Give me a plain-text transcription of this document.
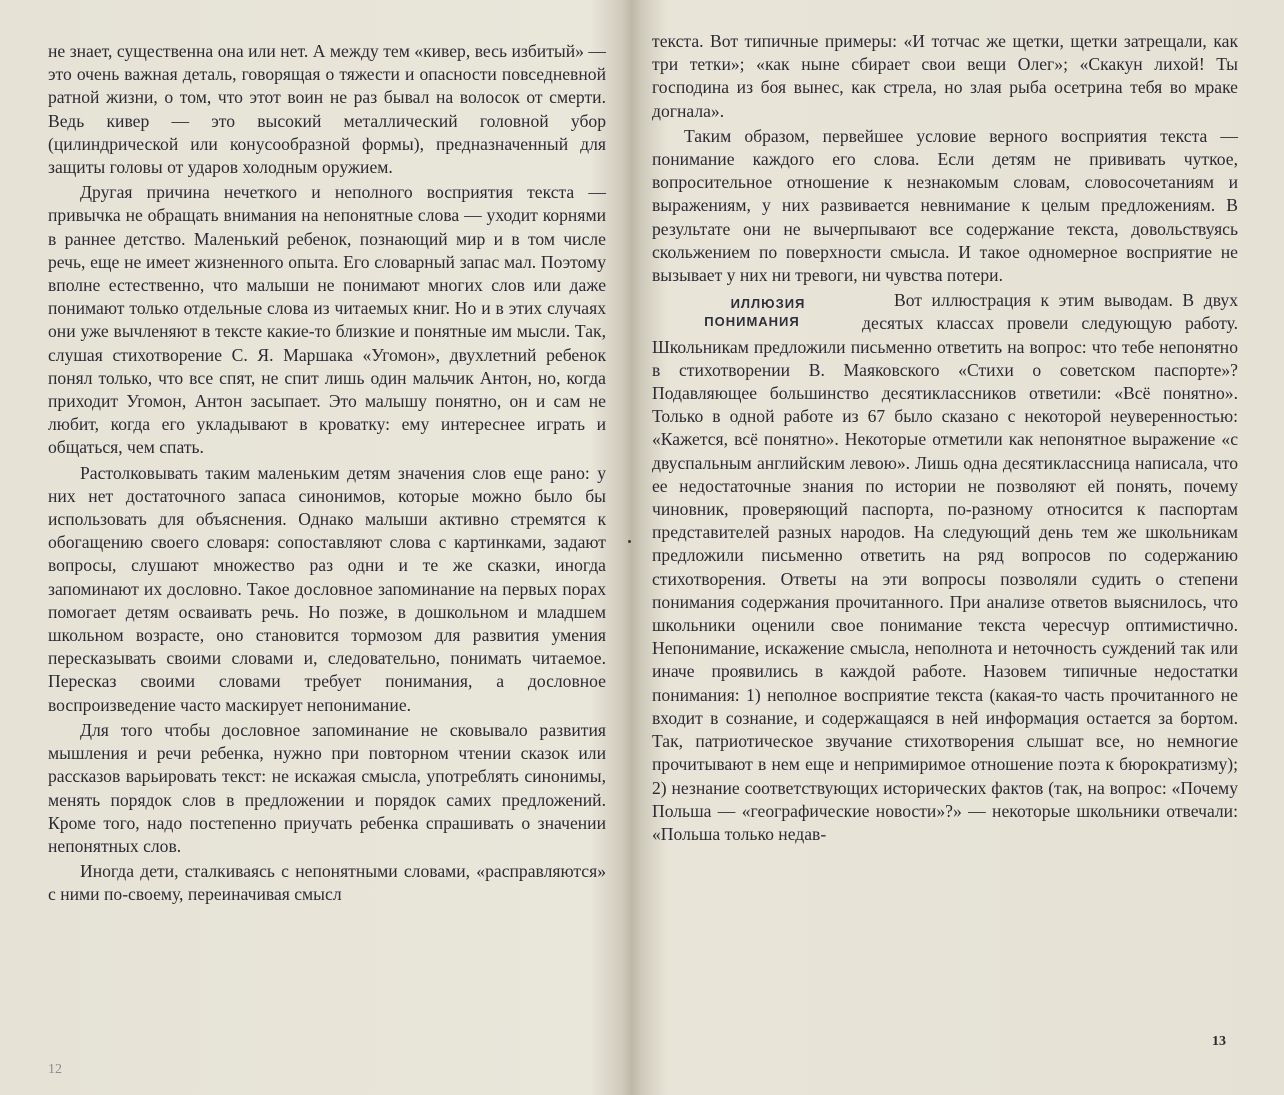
не знает, существенна она или нет. А между тем «кивер, весь избитый» — это очень важная деталь, говорящая о тяжести и опасности повседневной ратной жизни, о том, что этот воин не раз бывал на волосок от смерти. Ведь кивер — это высокий металлический головной убор (цилиндрической или конусообразной формы), предназначенный для защиты головы от ударов холодным оружием.

Другая причина нечеткого и неполного восприятия текста — привычка не обращать внимания на непонятные слова — уходит корнями в раннее детство. Маленький ребенок, познающий мир и в том числе речь, еще не имеет жизненного опыта. Его словарный запас мал. Поэтому вполне естественно, что малыши не понимают многих слов или даже понимают только отдельные слова из читаемых книг. Но и в этих случаях они уже вычленяют в тексте какие-то близкие и понятные им мысли. Так, слушая стихотворение С. Я. Маршака «Угомон», двухлетний ребенок понял только, что все спят, не спит лишь один мальчик Антон, но, когда приходит Угомон, Антон засыпает. Это малышу понятно, он и сам не любит, когда его укладывают в кроватку: ему интереснее играть и общаться, чем спать.

Растолковывать таким маленьким детям значения слов еще рано: у них нет достаточного запаса синонимов, которые можно было бы использовать для объяснения. Однако малыши активно стремятся к обогащению своего словаря: сопоставляют слова с картинками, задают вопросы, слушают множество раз одни и те же сказки, иногда запоминают их дословно. Такое дословное запоминание на первых порах помогает детям осваивать речь. Но позже, в дошкольном и младшем школьном возрасте, оно становится тормозом для развития умения пересказывать своими словами и, следовательно, понимать читаемое. Пересказ своими словами требует понимания, а дословное воспроизведение часто маскирует непонимание.

Для того чтобы дословное запоминание не сковывало развития мышления и речи ребенка, нужно при повторном чтении сказок или рассказов варьировать текст: не искажая смысла, употреблять синонимы, менять порядок слов в предложении и порядок самих предложений. Кроме того, надо постепенно приучать ребенка спрашивать о значении непонятных слов.

Иногда дети, сталкиваясь с непонятными словами, «расправляются» с ними по-своему, переиначивая смысл

12

текста. Вот типичные примеры: «И тотчас же щетки, щетки затрещали, как три тетки»; «как ныне сбирает свои вещи Олег»; «Скакун лихой! Ты господина из боя вынес, как стрела, но злая рыба осетрина тебя во мраке догнала».

Таким образом, первейшее условие верного восприятия текста — понимание каждого его слова. Если детям не прививать чуткое, вопросительное отношение к незнакомым словам, словосочетаниям и выражениям, у них развивается невнимание к целым предложениям. В результате они не вычерпывают все содержание текста, довольствуясь скольжением по поверхности смысла. И такое одномерное восприятие не вызывает у них ни тревоги, ни чувства потери.

ИЛЛЮЗИЯ ПОНИМАНИЯ
Вот иллюстрация к этим выводам. В двух десятых классах провели следующую работу. Школьникам предложили письменно ответить на вопрос: что тебе непонятно в стихотворении В. Маяковского «Стихи о советском паспорте»? Подавляющее большинство десятиклассников ответили: «Всё понятно». Только в одной работе из 67 было сказано с некоторой неуверенностью: «Кажется, всё понятно». Некоторые отметили как непонятное выражение «с двуспальным английским левою». Лишь одна десятиклассница написала, что ее недостаточные знания по истории не позволяют ей понять, почему чиновник, проверяющий паспорта, по-разному относится к паспортам представителей разных народов. На следующий день тем же школьникам предложили письменно ответить на ряд вопросов по содержанию стихотворения. Ответы на эти вопросы позволяли судить о степени понимания содержания прочитанного. При анализе ответов выяснилось, что школьники оценили свое понимание текста чересчур оптимистично. Непонимание, искажение смысла, неполнота и неточность суждений так или иначе проявились в каждой работе. Назовем типичные недостатки понимания: 1) неполное восприятие текста (какая-то часть прочитанного не входит в сознание, и содержащаяся в ней информация остается за бортом. Так, патриотическое звучание стихотворения слышат все, но немногие прочитывают в нем еще и непримиримое отношение поэта к бюрократизму); 2) незнание соответствующих исторических фактов (так, на вопрос: «Почему Польша — «географические новости»?» — некоторые школьники отвечали: «Польша только недав-

13
